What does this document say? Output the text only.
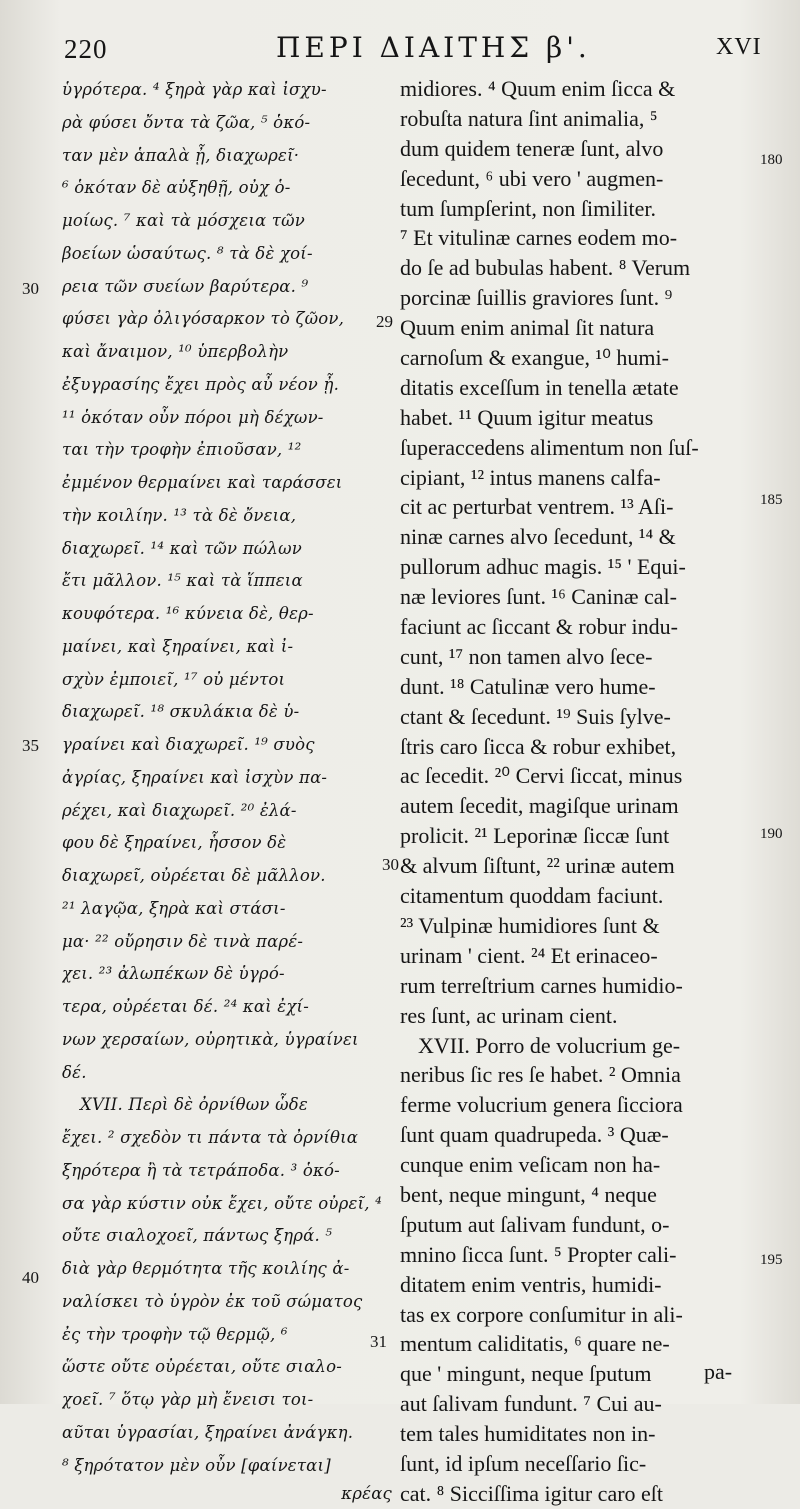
220	ΠΕΡΙ ΔΙΑΙΤΗΣ β'.	XVI
ὑγρότερα. ⁴ ξηρὰ γὰρ καὶ ἰσχυ-
ρὰ φύσει ὄντα τὰ ζῶα, ⁵ ὁκό-
ταν μὲν ἁπαλὰ ᾖ, διαχωρεῖ·
⁶ ὁκόταν δὲ αὐξηθῇ, οὐχ ὁ-
μοίως. ⁷ καὶ τὰ μόσχεια τῶν
βοείων ὡσαύτως. ⁸ τὰ δὲ χοί-
ρεια τῶν συείων βαρύτερα. ⁹
φύσει γὰρ ὀλιγόσαρκον τὸ ζῶον,
καὶ ἄναιμον, ¹⁰ ὑπερβολὴν
ἐξυγρασίης ἔχει πρὸς αὖ νέον ᾖ.
¹¹ ὁκόταν οὖν πόροι μὴ δέχων-
ται τὴν τροφὴν ἐπιοῦσαν, ¹²
ἐμμένον θερμαίνει καὶ ταράσσει
τὴν κοιλίην. ¹³ τὰ δὲ ὄνεια,
διαχωρεῖ. ¹⁴ καὶ τῶν πώλων
ἔτι μᾶλλον. ¹⁵ καὶ τὰ ἵππεια
κουφότερα. ¹⁶ κύνεια δὲ, θερ-
μαίνει, καὶ ξηραίνει, καὶ ἰ-
σχὺν ἐμποιεῖ, ¹⁷ οὐ μέντοι
διαχωρεῖ. ¹⁸ σκυλάκια δὲ ὑ-
γραίνει καὶ διαχωρεῖ. ¹⁹ συὸς
ἀγρίας, ξηραίνει καὶ ἰσχὺν πα-
ρέχει, καὶ διαχωρεῖ. ²⁰ ἐλά-
φου δὲ ξηραίνει, ἧσσον δὲ
διαχωρεῖ, οὐρέεται δὲ μᾶλλον.
²¹ λαγῷα, ξηρὰ καὶ στάσι-
μα· ²² οὔρησιν δὲ τινὰ παρέ-
χει. ²³ ἀλωπέκων δὲ ὑγρό-
τερα, οὐρέεται δέ. ²⁴ καὶ ἐχί-
νων χερσαίων, οὐρητικὰ, ὑγραίνει
δέ.
XVII. Περὶ δὲ ὀρνίθων ὧδε
ἔχει. ² σχεδὸν τι πάντα τὰ ὀρνίθια
ξηρότερα ἢ τὰ τετράποδα. ³ ὁκό-
σα γὰρ κύστιν οὐκ ἔχει, οὔτε οὐρεῖ, ⁴
οὔτε σιαλοχοεῖ, πάντως ξηρά. ⁵
διὰ γὰρ θερμότητα τῆς κοιλίης ἀ-
ναλίσκει τὸ ὑγρὸν ἐκ τοῦ σώματος
ἐς τὴν τροφὴν τῷ θερμῷ, ⁶
ὥστε οὔτε οὐρέεται, οὔτε σιαλο-
χοεῖ. ⁷ ὅτῳ γὰρ μὴ ἔνεισι τοι-
αῦται ὑγρασίαι, ξηραίνει ἀνάγκη.
⁸ ξηρότατον μὲν οὖν [φαίνεται]
κρέας
midiores. ⁴ Quum enim ſicca &
robuſta natura ſint animalia, ⁵
dum quidem teneræ ſunt, alvo
ſecedunt, ⁶ ubi vero ' augmen-
tum ſumpſerint, non ſimiliter.
⁷ Et vitulinæ carnes eodem mo-
do ſe ad bubulas habent. ⁸ Verum
porcinæ ſuillis graviores ſunt. ⁹
Quum enim animal ſit natura
carnoſum & exangue, ¹⁰ humi-
ditatis exceſſum in tenella ætate
habet. ¹¹ Quum igitur meatus
ſuperaccedens alimentum non ſuſ-
cipiant, ¹² intus manens calfa-
cit ac perturbat ventrem. ¹³ Aſi-
ninæ carnes alvo ſecedunt, ¹⁴ &
pullorum adhuc magis. ¹⁵ ' Equi-
næ leviores ſunt. ¹⁶ Caninæ cal-
faciunt ac ſiccant & robur indu-
cunt, ¹⁷ non tamen alvo ſece-
dunt. ¹⁸ Catulinæ vero hume-
ctant & ſecedunt. ¹⁹ Suis ſylve-
ſtris caro ſicca & robur exhibet,
ac ſecedit. ²⁰ Cervi ſiccat, minus
autem ſecedit, magiſque urinam
prolicit. ²¹ Leporinæ ſiccæ ſunt
& alvum ſiſtunt, ²² urinæ autem
citamentum quoddam faciunt.
²³ Vulpinæ humidiores ſunt &
urinam ' cient. ²⁴ Et erinaceo-
rum terreſtrium carnes humidio-
res ſunt, ac urinam cient.
XVII. Porro de volucrium ge-
neribus ſic res ſe habet. ² Omnia
ferme volucrium genera ſicciora
ſunt quam quadrupeda. ³ Quæ-
cunque enim veſicam non ha-
bent, neque mingunt, ⁴ neque
ſputum aut ſalivam fundunt, o-
mnino ſicca ſunt. ⁵ Propter cali-
ditatem enim ventris, humidi-
tas ex corpore conſumitur in ali-
mentum caliditatis, ⁶ quare ne-
que ' mingunt, neque ſputum
aut ſalivam fundunt. ⁷ Cui au-
tem tales humiditates non in-
ſunt, id ipſum neceſſario ſic-
cat. ⁸ Sicciſſima igitur caro eſt
30
35
40
29
30
31
180
185
190
195
pa-
